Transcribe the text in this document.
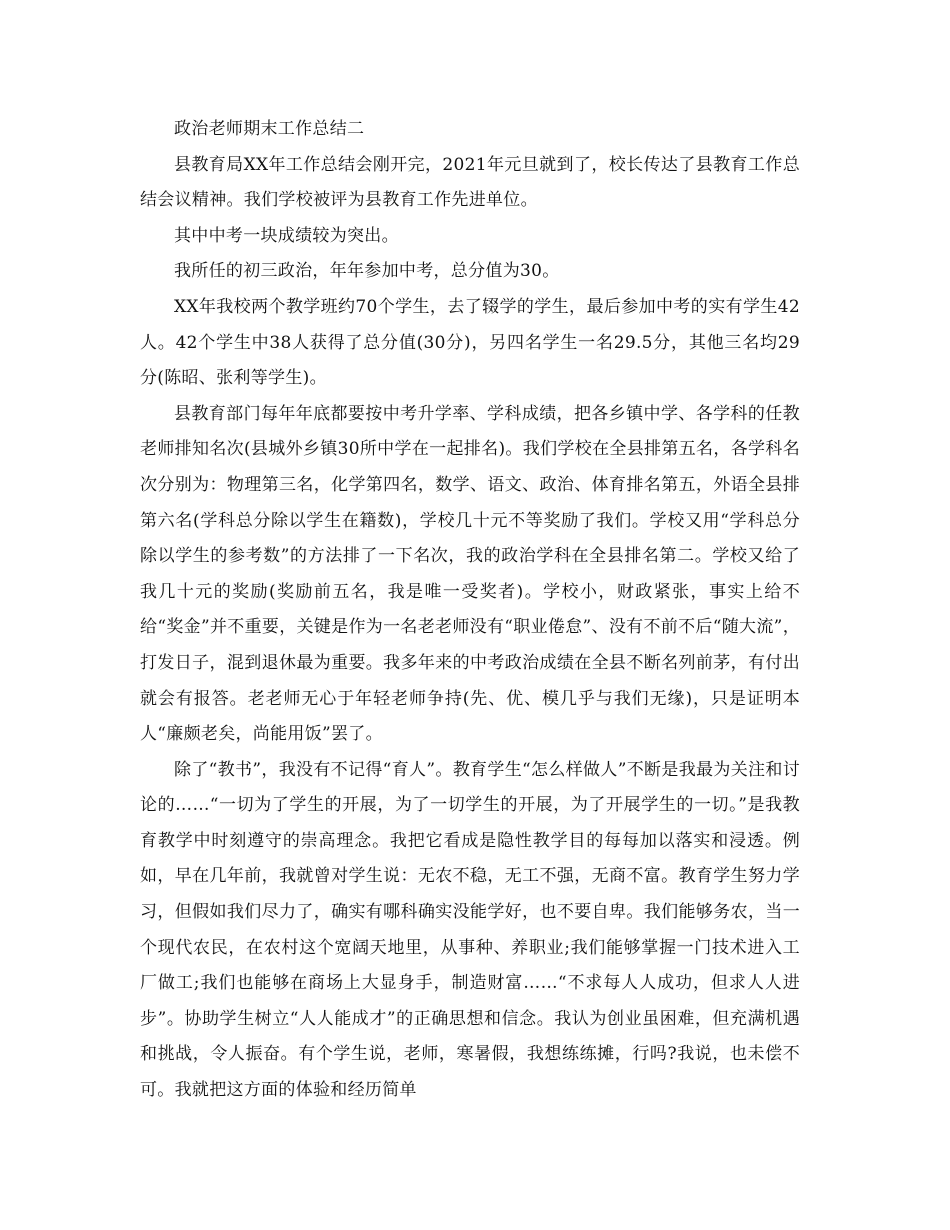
政治老师期末工作总结二

县教育局XX年工作总结会刚开完，2021年元旦就到了，校长传达了县教育工作总结会议精神。我们学校被评为县教育工作先进单位。

其中中考一块成绩较为突出。

我所任的初三政治，年年参加中考，总分值为30。

XX年我校两个教学班约70个学生，去了辍学的学生，最后参加中考的实有学生42人。42个学生中38人获得了总分值(30分)，另四名学生一名29.5分，其他三名均29分(陈昭、张利等学生)。

县教育部门每年年底都要按中考升学率、学科成绩，把各乡镇中学、各学科的任教老师排知名次(县城外乡镇30所中学在一起排名)。我们学校在全县排第五名，各学科名次分别为：物理第三名，化学第四名，数学、语文、政治、体育排名第五，外语全县排第六名(学科总分除以学生在籍数)，学校几十元不等奖励了我们。学校又用“学科总分除以学生的参考数”的方法排了一下名次，我的政治学科在全县排名第二。学校又给了我几十元的奖励(奖励前五名，我是唯一受奖者)。学校小，财政紧张，事实上给不给“奖金”并不重要，关键是作为一名老老师没有“职业倦怠”、没有不前不后“随大流”，打发日子，混到退休最为重要。我多年来的中考政治成绩在全县不断名列前茅，有付出就会有报答。老老师无心于年轻老师争持(先、优、模几乎与我们无缘)，只是证明本人“廉颇老矣，尚能用饭”罢了。

除了“教书”，我没有不记得“育人”。教育学生“怎么样做人”不断是我最为关注和讨论的……“一切为了学生的开展，为了一切学生的开展，为了开展学生的一切。”是我教育教学中时刻遵守的崇高理念。我把它看成是隐性教学目的每每加以落实和浸透。例如，早在几年前，我就曾对学生说：无农不稳，无工不强，无商不富。教育学生努力学习，但假如我们尽力了，确实有哪科确实没能学好，也不要自卑。我们能够务农，当一个现代农民，在农村这个宽阔天地里，从事种、养职业;我们能够掌握一门技术进入工厂做工;我们也能够在商场上大显身手，制造财富……“不求每人人成功，但求人人进步”。协助学生树立“人人能成才”的正确思想和信念。我认为创业虽困难，但充满机遇和挑战，令人振奋。有个学生说，老师，寒暑假，我想练练摊，行吗?我说，也未偿不可。我就把这方面的体验和经历简单
